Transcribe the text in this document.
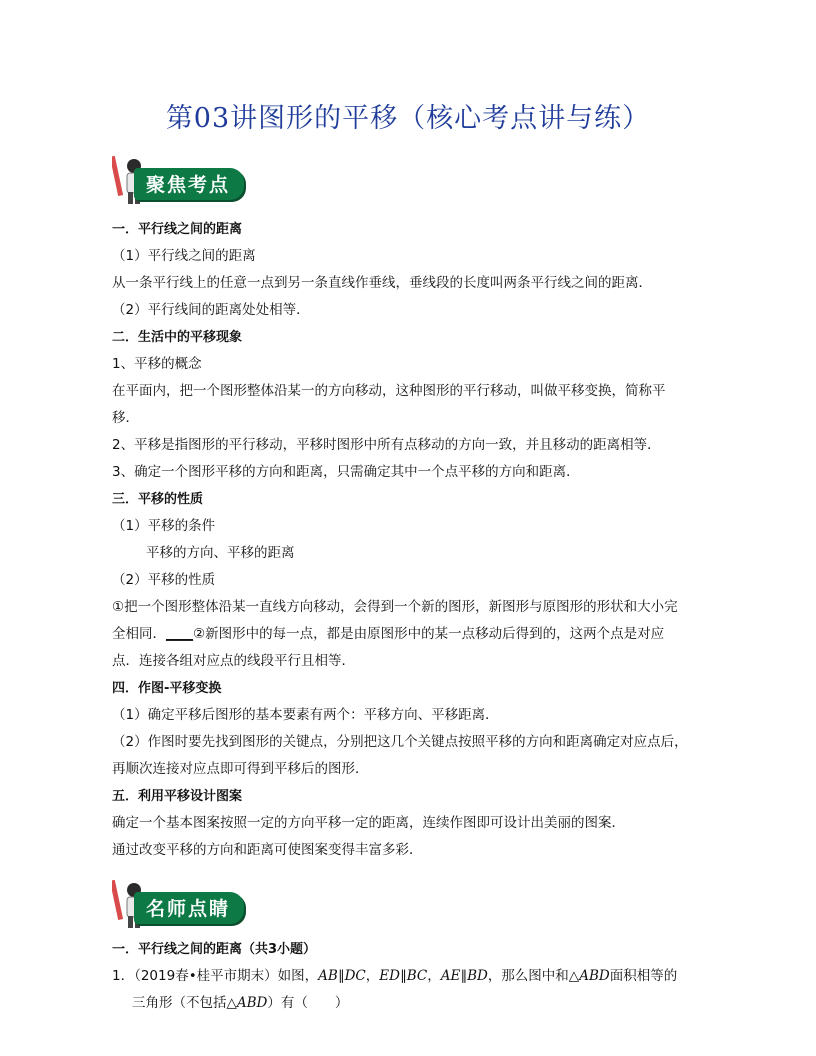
第03讲图形的平移（核心考点讲与练）
聚焦考点
一．平行线之间的距离
（1）平行线之间的距离
从一条平行线上的任意一点到另一条直线作垂线，垂线段的长度叫两条平行线之间的距离．
（2）平行线间的距离处处相等．
二．生活中的平移现象
1、平移的概念
在平面内，把一个图形整体沿某一的方向移动，这种图形的平行移动，叫做平移变换，简称平
移．
2、平移是指图形的平行移动，平移时图形中所有点移动的方向一致，并且移动的距离相等．
3、确定一个图形平移的方向和距离，只需确定其中一个点平移的方向和距离．
三．平移的性质
（1）平移的条件
平移的方向、平移的距离
（2）平移的性质
①把一个图形整体沿某一直线方向移动，会得到一个新的图形，新图形与原图形的形状和大小完
全相同．____②新图形中的每一点，都是由原图形中的某一点移动后得到的，这两个点是对应
点．连接各组对应点的线段平行且相等．
四．作图-平移变换
（1）确定平移后图形的基本要素有两个：平移方向、平移距离．
（2）作图时要先找到图形的关键点，分别把这几个关键点按照平移的方向和距离确定对应点后，
再顺次连接对应点即可得到平移后的图形．
五．利用平移设计图案
确定一个基本图案按照一定的方向平移一定的距离，连续作图即可设计出美丽的图案．
通过改变平移的方向和距离可使图案变得丰富多彩．
名师点睛
一．平行线之间的距离（共3小题）
1．（2019春•桂平市期末）如图，AB∥DC，ED∥BC，AE∥BD，那么图中和△ABD面积相等的
三角形（不包括△ABD）有（　　）
